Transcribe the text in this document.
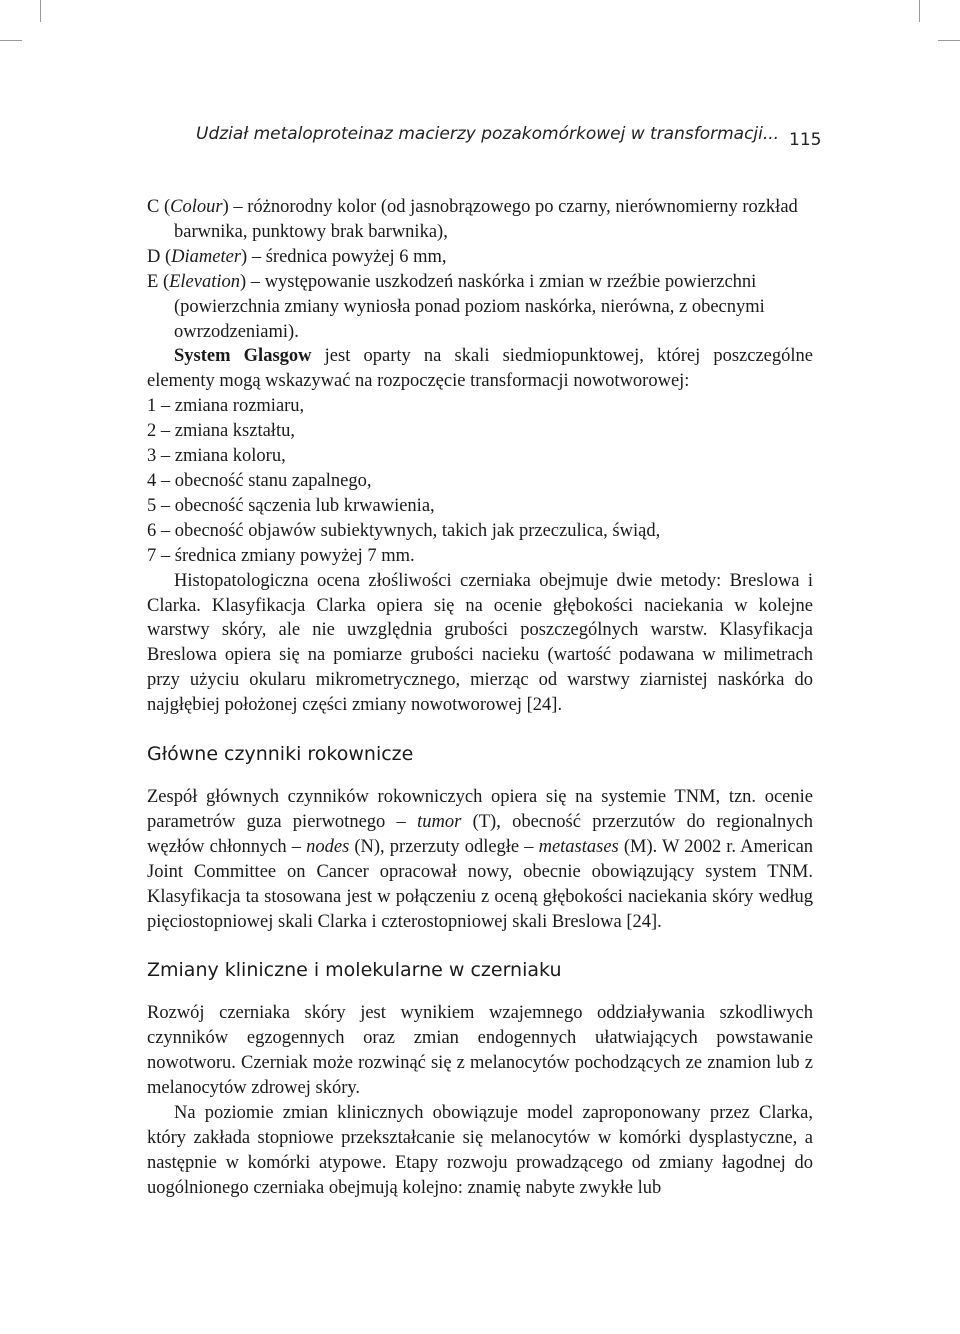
Udział metaloproteinaz macierzy pozakomórkowej w transformacji... 115

C (Colour) – różnorodny kolor (od jasnobrązowego po czarny, nierównomierny rozkład barwnika, punktowy brak barwnika),

D (Diameter) – średnica powyżej 6 mm,

E (Elevation) – występowanie uszkodzeń naskórka i zmian w rzeźbie powierzchni (powierzchnia zmiany wyniosła ponad poziom naskórka, nierówna, z obecnymi owrzodzeniami).

System Glasgow jest oparty na skali siedmiopunktowej, której poszczególne elementy mogą wskazywać na rozpoczęcie transformacji nowotworowej:

1 – zmiana rozmiaru,

2 – zmiana kształtu,

3 – zmiana koloru,

4 – obecność stanu zapalnego,

5 – obecność sączenia lub krwawienia,

6 – obecność objawów subiektywnych, takich jak przeczulica, świąd,

7 – średnica zmiany powyżej 7 mm.

Histopatologiczna ocena złośliwości czerniaka obejmuje dwie metody: Breslowa i Clarka. Klasyfikacja Clarka opiera się na ocenie głębokości naciekania w kolejne warstwy skóry, ale nie uwzględnia grubości poszczególnych warstw. Klasyfikacja Breslowa opiera się na pomiarze grubości nacieku (wartość podawana w milimetrach przy użyciu okularu mikrometrycznego, mierząc od warstwy ziarnistej naskórka do najgłębiej położonej części zmiany nowotworowej [24].

Główne czynniki rokownicze

Zespół głównych czynników rokowniczych opiera się na systemie TNM, tzn. ocenie parametrów guza pierwotnego – tumor (T), obecność przerzutów do regionalnych węzłów chłonnych – nodes (N), przerzuty odległe – metastases (M). W 2002 r. American Joint Committee on Cancer opracował nowy, obecnie obowiązujący system TNM. Klasyfikacja ta stosowana jest w połączeniu z oceną głębokości naciekania skóry według pięciostopniowej skali Clarka i czterostopniowej skali Breslowa [24].

Zmiany kliniczne i molekularne w czerniaku

Rozwój czerniaka skóry jest wynikiem wzajemnego oddziaływania szkodliwych czynników egzogennych oraz zmian endogennych ułatwiających powstawanie nowotworu. Czerniak może rozwinąć się z melanocytów pochodzących ze znamion lub z melanocytów zdrowej skóry.

Na poziomie zmian klinicznych obowiązuje model zaproponowany przez Clarka, który zakłada stopniowe przekształcanie się melanocytów w komórki dysplastyczne, a następnie w komórki atypowe. Etapy rozwoju prowadzącego od zmiany łagodnej do uogólnionego czerniaka obejmują kolejno: znamię nabyte zwykłe lub
